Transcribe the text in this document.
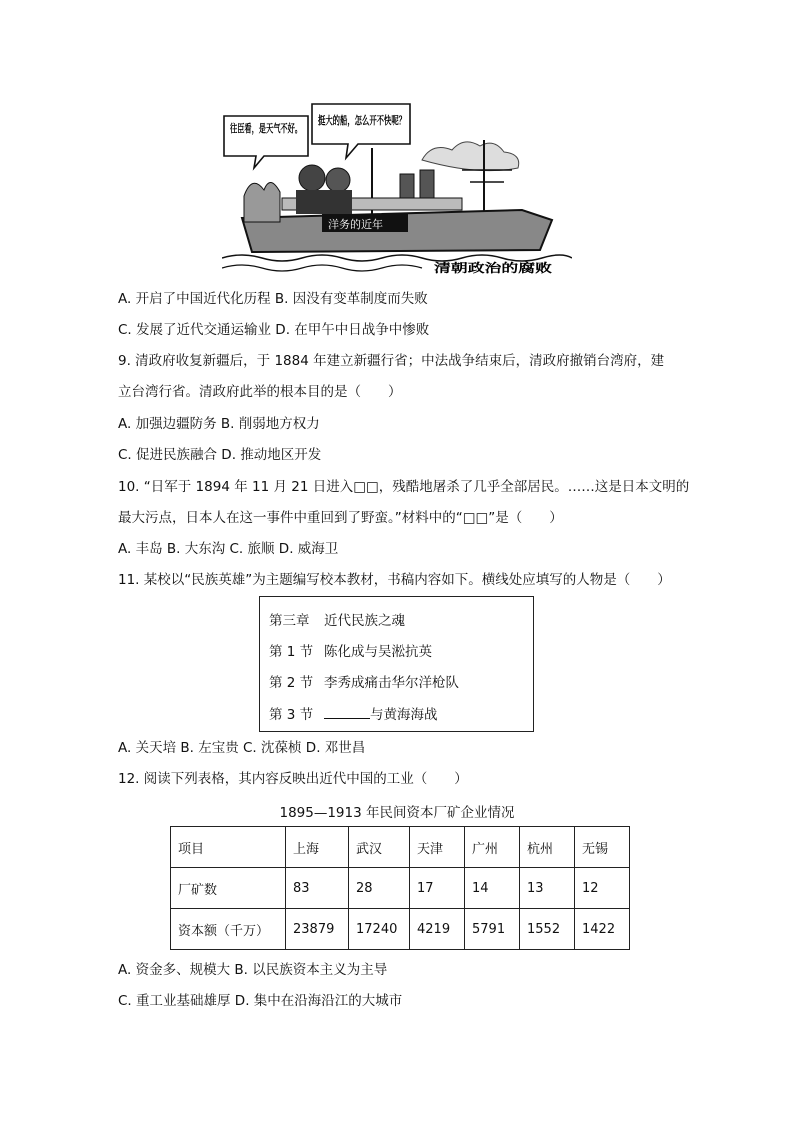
往臣看，是天气不好。
挺大的船，怎么开不快呢？
洋务的近年
清朝政治的腐败
A. 开启了中国近代化历程 B. 因没有变革制度而失败
C. 发展了近代交通运输业 D. 在甲午中日战争中惨败
9. 清政府收复新疆后，于 1884 年建立新疆行省；中法战争结束后，清政府撤销台湾府，建
立台湾行省。清政府此举的根本目的是（　　）
A. 加强边疆防务 B. 削弱地方权力
C. 促进民族融合 D. 推动地区开发
10. “日军于 1894 年 11 月 21 日进入□□，残酷地屠杀了几乎全部居民。……这是日本文明的
最大污点，日本人在这一事件中重回到了野蛮。”材料中的“□□”是（　　）
A. 丰岛 B. 大东沟 C. 旅顺 D. 威海卫
11. 某校以“民族英雄”为主题编写校本教材，书稿内容如下。横线处应填写的人物是（　　）
第三章 近代民族之魂
第 1 节 陈化成与吴淞抗英
第 2 节 李秀成痛击华尔洋枪队
第 3 节	与黄海海战
A. 关天培 B. 左宝贵 C. 沈葆桢 D. 邓世昌
12. 阅读下列表格，其内容反映出近代中国的工业（　　）
1895—1913 年民间资本厂矿企业情况
项目	上海	武汉	天津	广州	杭州	无锡
厂矿数	83	28	17	14	13	12
资本额（千万）	23879	17240	4219	5791	1552	1422
A. 资金多、规模大 B. 以民族资本主义为主导
C. 重工业基础雄厚 D. 集中在沿海沿江的大城市
